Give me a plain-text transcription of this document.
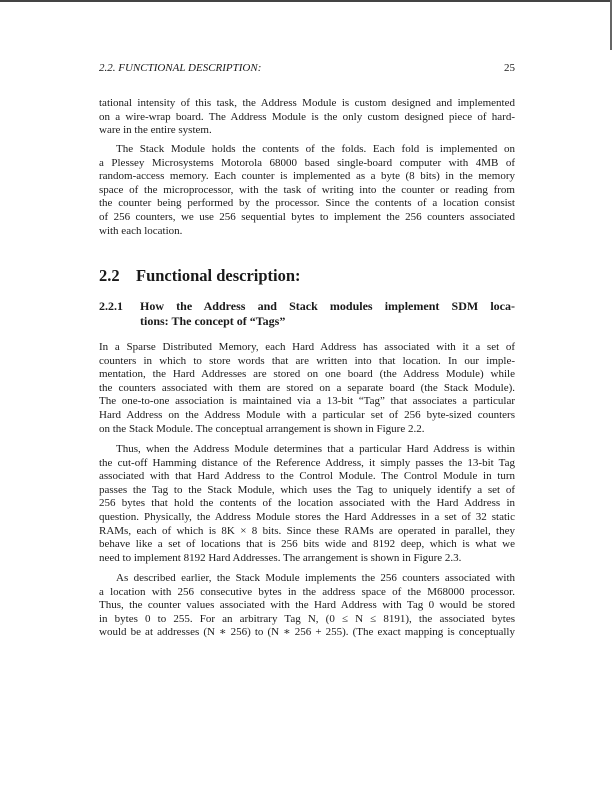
2.2. FUNCTIONAL DESCRIPTION:	25
tational intensity of this task, the Address Module is custom designed and implemented
on a wire-wrap board. The Address Module is the only custom designed piece of hard-
ware in the entire system.
The Stack Module holds the contents of the folds. Each fold is implemented on
a Plessey Microsystems Motorola 68000 based single-board computer with 4MB of
random-access memory. Each counter is implemented as a byte (8 bits) in the memory
space of the microprocessor, with the task of writing into the counter or reading from
the counter being performed by the processor. Since the contents of a location consist
of 256 counters, we use 256 sequential bytes to implement the 256 counters associated
with each location.
2.2 Functional description:
2.2.1 How the Address and Stack modules implement SDM loca-
tions: The concept of “Tags”
In a Sparse Distributed Memory, each Hard Address has associated with it a set of
counters in which to store words that are written into that location. In our imple-
mentation, the Hard Addresses are stored on one board (the Address Module) while
the counters associated with them are stored on a separate board (the Stack Module).
The one-to-one association is maintained via a 13-bit “Tag” that associates a particular
Hard Address on the Address Module with a particular set of 256 byte-sized counters
on the Stack Module. The conceptual arrangement is shown in Figure 2.2.
Thus, when the Address Module determines that a particular Hard Address is within
the cut-off Hamming distance of the Reference Address, it simply passes the 13-bit Tag
associated with that Hard Address to the Control Module. The Control Module in turn
passes the Tag to the Stack Module, which uses the Tag to uniquely identify a set of
256 bytes that hold the contents of the location associated with the Hard Address in
question. Physically, the Address Module stores the Hard Addresses in a set of 32 static
RAMs, each of which is 8K × 8 bits. Since these RAMs are operated in parallel, they
behave like a set of locations that is 256 bits wide and 8192 deep, which is what we
need to implement 8192 Hard Addresses. The arrangement is shown in Figure 2.3.
As described earlier, the Stack Module implements the 256 counters associated with
a location with 256 consecutive bytes in the address space of the M68000 processor.
Thus, the counter values associated with the Hard Address with Tag 0 would be stored
in bytes 0 to 255. For an arbitrary Tag N, (0 ≤ N ≤ 8191), the associated bytes
would be at addresses (N ∗ 256) to (N ∗ 256 + 255). (The exact mapping is conceptually
